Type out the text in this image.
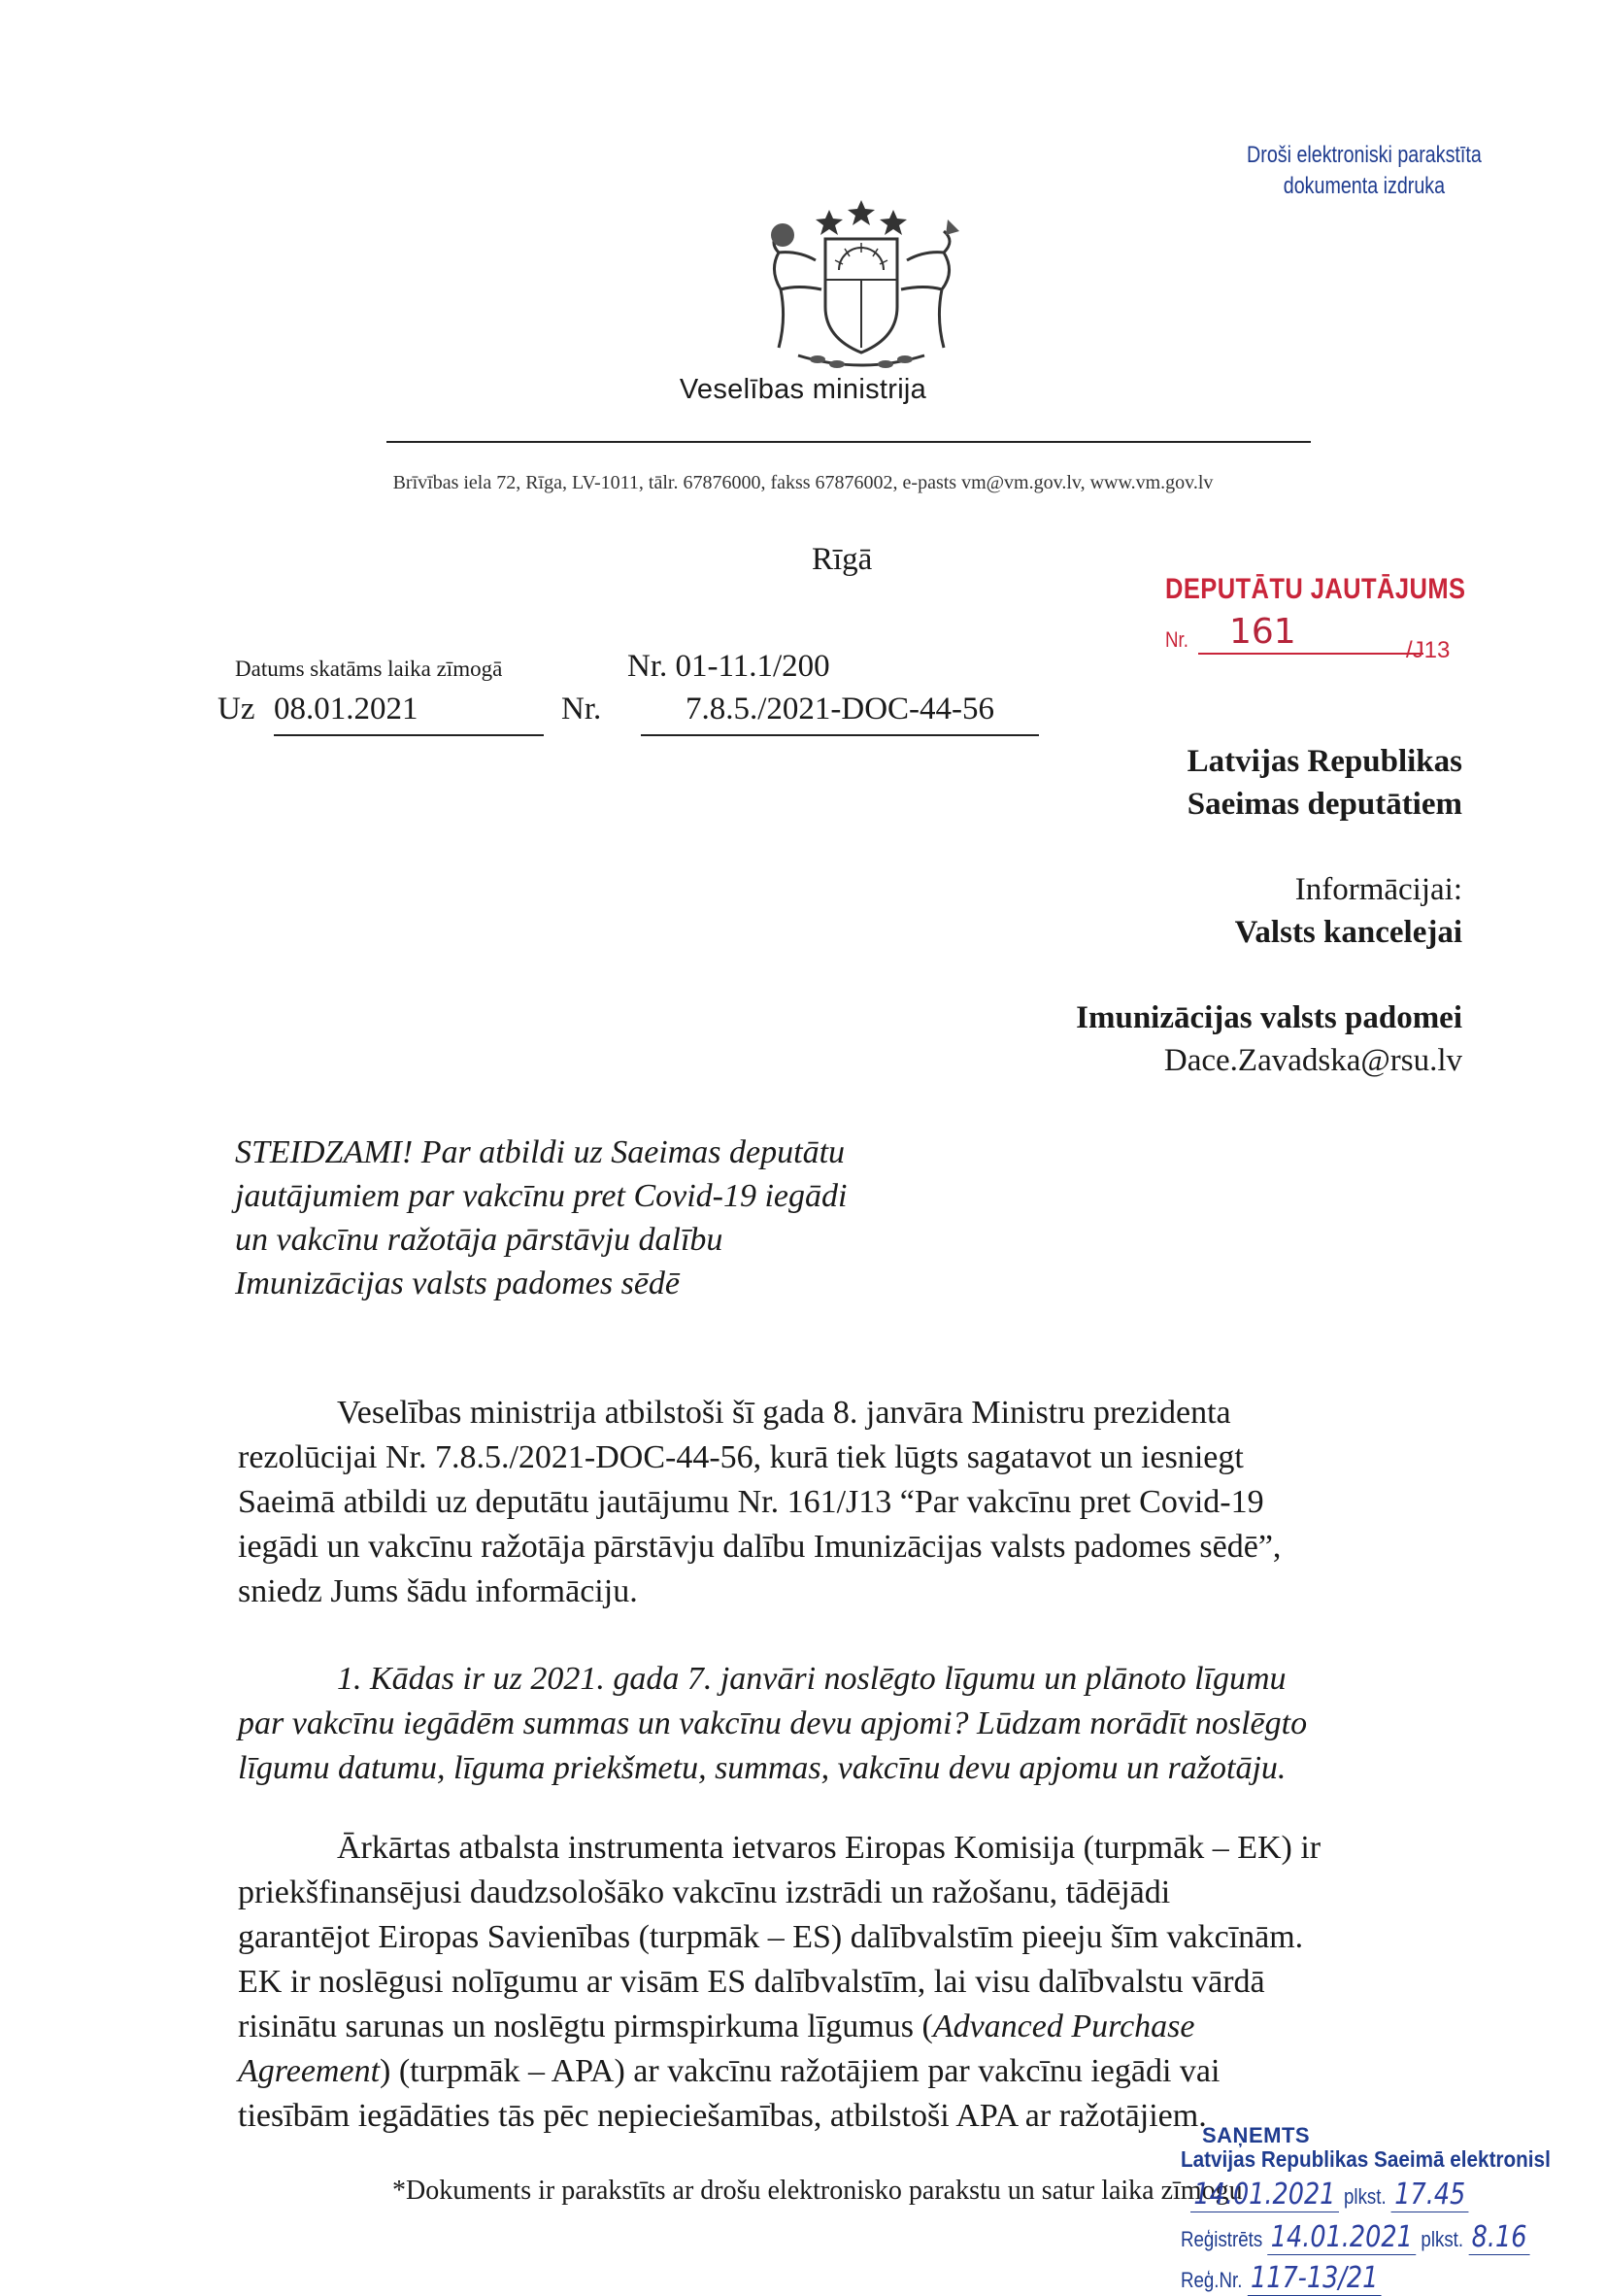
Droši elektroniski parakstīta
dokumenta izdruka
Veselības ministrija
Brīvības iela 72, Rīga, LV-1011, tālr. 67876000, fakss 67876002, e-pasts vm@vm.gov.lv, www.vm.gov.lv
Rīgā
DEPUTĀTU JAUTĀJUMS
Nr. 161	/J13
Datums skatāms laika zīmogā	Nr. 01-11.1/200
Uz 08.01.2021	Nr.	7.8.5./2021-DOC-44-56
Latvijas Republikas
Saeimas deputātiem
Informācijai:
Valsts kancelejai
Imunizācijas valsts padomei
Dace.Zavadska@rsu.lv
STEIDZAMI! Par atbildi uz Saeimas deputātu
jautājumiem par vakcīnu pret Covid-19 iegādi
un vakcīnu ražotāja pārstāvju dalību
Imunizācijas valsts padomes sēdē
Veselības ministrija atbilstoši šī gada 8. janvāra Ministru prezidenta
rezolūcijai Nr. 7.8.5./2021-DOC-44-56, kurā tiek lūgts sagatavot un iesniegt
Saeimā atbildi uz deputātu jautājumu Nr. 161/J13 “Par vakcīnu pret Covid-19
iegādi un vakcīnu ražotāja pārstāvju dalību Imunizācijas valsts padomes sēdē”,
sniedz Jums šādu informāciju.
1. Kādas ir uz 2021. gada 7. janvāri noslēgto līgumu un plānoto līgumu
par vakcīnu iegādēm summas un vakcīnu devu apjomi? Lūdzam norādīt noslēgto
līgumu datumu, līguma priekšmetu, summas, vakcīnu devu apjomu un ražotāju.
Ārkārtas atbalsta instrumenta ietvaros Eiropas Komisija (turpmāk – EK) ir
priekšfinansējusi daudzsološāko vakcīnu izstrādi un ražošanu, tādējādi
garantējot Eiropas Savienības (turpmāk – ES) dalībvalstīm pieeju šīm vakcīnām.
EK ir noslēgusi nolīgumu ar visām ES dalībvalstīm, lai visu dalībvalstu vārdā
risinātu sarunas un noslēgtu pirmspirkuma līgumus (Advanced Purchase
Agreement) (turpmāk – APA) ar vakcīnu ražotājiem par vakcīnu iegādi vai
tiesībām iegādāties tās pēc nepieciešamības, atbilstoši APA ar ražotājiem.
*Dokuments ir parakstīts ar drošu elektronisko parakstu un satur laika zīmogu
SAŅEMTS
Latvijas Republikas Saeimā elektronisl
14.01.2021 plkst. 17.45
Reģistrēts 14.01.2021 plkst. 8.16
Reģ.Nr. 117-13/21
